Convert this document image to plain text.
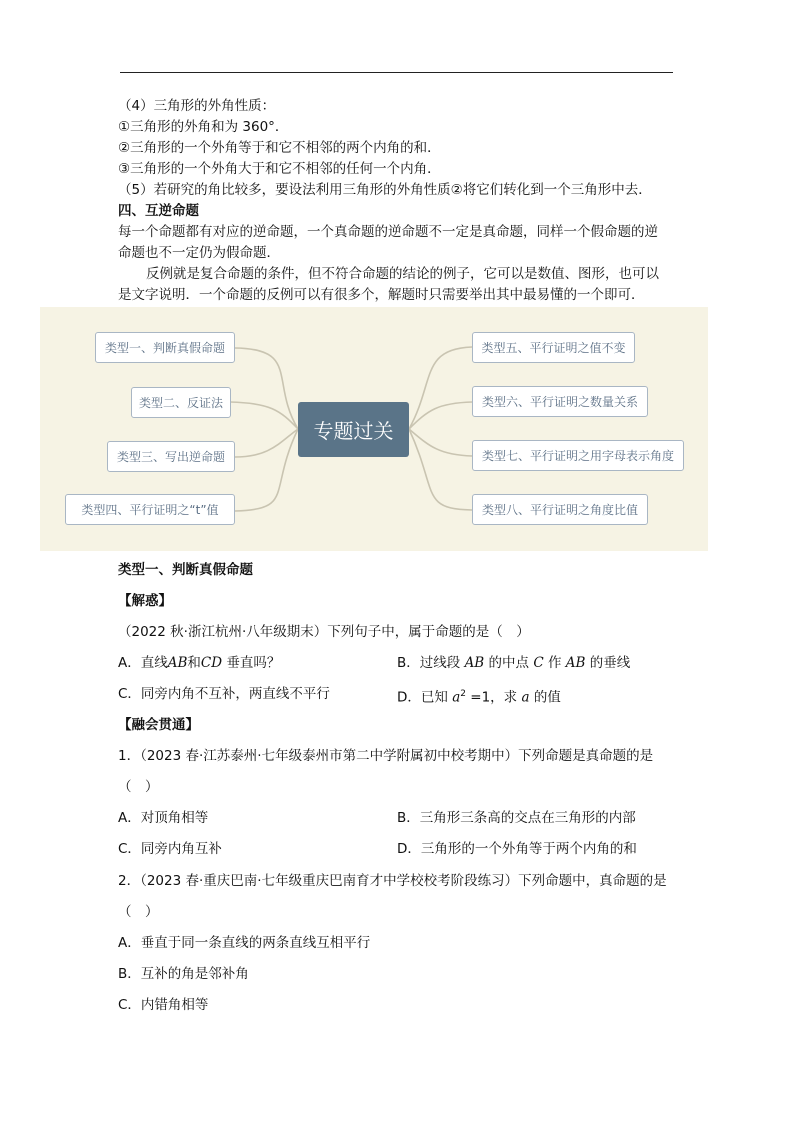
（4）三角形的外角性质：
①三角形的外角和为 360°．
②三角形的一个外角等于和它不相邻的两个内角的和．
③三角形的一个外角大于和它不相邻的任何一个内角．
（5）若研究的角比较多，要设法利用三角形的外角性质②将它们转化到一个三角形中去．
四、互逆命题
每一个命题都有对应的逆命题，一个真命题的逆命题不一定是真命题，同样一个假命题的逆
命题也不一定仍为假命题．
反例就是复合命题的条件，但不符合命题的结论的例子，它可以是数值、图形，也可以
是文字说明．一个命题的反例可以有很多个，解题时只需要举出其中最易懂的一个即可．
类型一、判断真假命题
类型二、反证法
类型三、写出逆命题
类型四、平行证明之“t”值
专题过关
类型五、平行证明之值不变
类型六、平行证明之数量关系
类型七、平行证明之用字母表示角度
类型八、平行证明之角度比值
类型一、判断真假命题
【解惑】
（2022 秋·浙江杭州·八年级期末）下列句子中，属于命题的是（　）
A．直线AB和CD 垂直吗？	B．过线段 AB 的中点 C 作 AB 的垂线
C．同旁内角不互补，两直线不平行	D．已知 $a^2 =1$，求 a 的值
【融会贯通】
1．（2023 春·江苏泰州·七年级泰州市第二中学附属初中校考期中）下列命题是真命题的是
（　）
A．对顶角相等	B．三角形三条高的交点在三角形的内部
C．同旁内角互补	D．三角形的一个外角等于两个内角的和
2．（2023 春·重庆巴南·七年级重庆巴南育才中学校校考阶段练习）下列命题中，真命题的是
（　）
A．垂直于同一条直线的两条直线互相平行
B．互补的角是邻补角
C．内错角相等
